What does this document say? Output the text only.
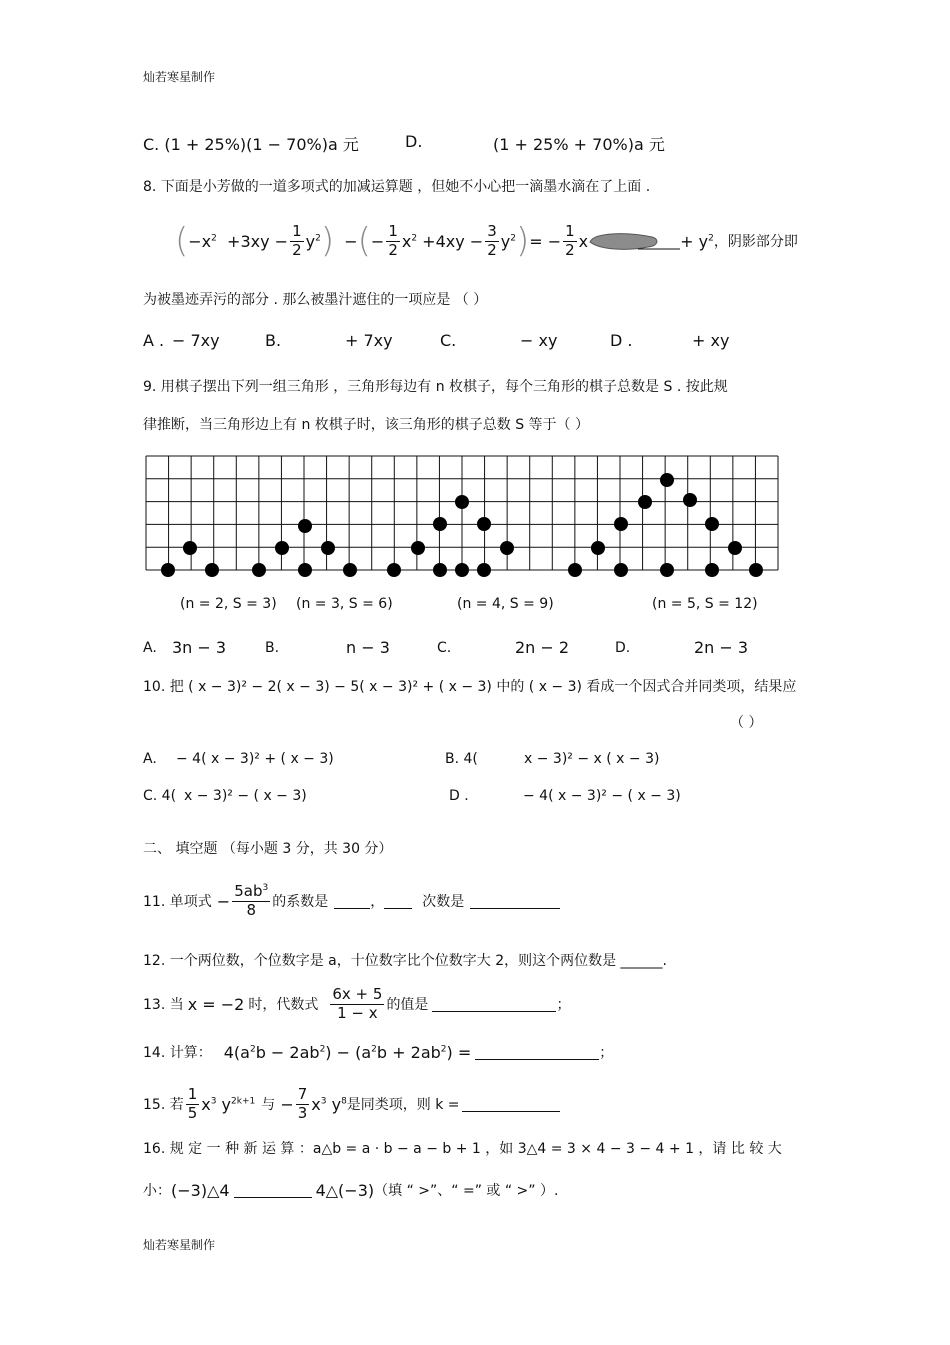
灿若寒星制作
C. (1 + 25%)(1 − 70%)a 元	D.	(1 + 25% + 70%)a 元
8. 下面是小芳做的一道多项式的加减运算题 ，但她不小心把一滴墨水滴在了上面 .
( $-x^2 +3xy - \frac{1}{2} y^2$ ) − ( − $\frac{1}{2} x^2 +4xy - \frac{3}{2} y^2$ ) = − $\frac{1}{2}$ x	+ $y^2$ ，阴影部分即
为被墨迹弄污的部分 . 那么被墨汁遮住的一项应是 （ ）
A . − 7xy	B.	+ 7xy	C.	− xy	D .	+ xy
9. 用棋子摆出下列一组三角形 ，三角形每边有 n 枚棋子，每个三角形的棋子总数是 S . 按此规
律推断，当三角形边上有 n 枚棋子时，该三角形的棋子总数 S 等于（ ）
(n = 2, S = 3) (n = 3, S = 6)	(n = 4, S = 9)	(n = 5, S = 12)
A. 3n − 3	B.	n − 3	C.	2n − 2	D.	2n − 3
10. 把 ( x − 3)² − 2( x − 3) − 5( x − 3)² + ( x − 3) 中的 ( x − 3) 看成一个因式合并同类项，结果应
（ ）
A. − 4( x − 3)² + ( x − 3)	B. 4(	x − 3)² − x ( x − 3)
C. 4( x − 3)² − ( x − 3)	D .	− 4( x − 3)² − ( x − 3)
二、 填空题 （每小题 3 分，共 30 分）
11. 单项式 − $\frac{5ab^3}{8}$ 的系数是	，	次数是
12. 一个两位数，个位数字是 a，十位数字比个位数字大 2，则这个两位数是 ______.
13. 当 x = −2 时，代数式 $\frac{6x + 5}{1 - x}$ 的值是	；
14. 计算： $4(a^2b - 2ab^2) - (a^2b + 2ab^2)$ =	；
15. 若 $\frac{1}{5} x^3$ $y^{2k+1}$ 与 − $\frac{7}{3} x^3$ $y^8$ 是同类项，则 k =
16. 规 定 一 种 新 运 算 ：a△b = a · b − a − b + 1 ，如 3△4 = 3 × 4 − 3 − 4 + 1 ，请 比 较 大
小： (−3)△4	4△(−3) （填 “ >”、“ =” 或 “ >” ）.
灿若寒星制作
